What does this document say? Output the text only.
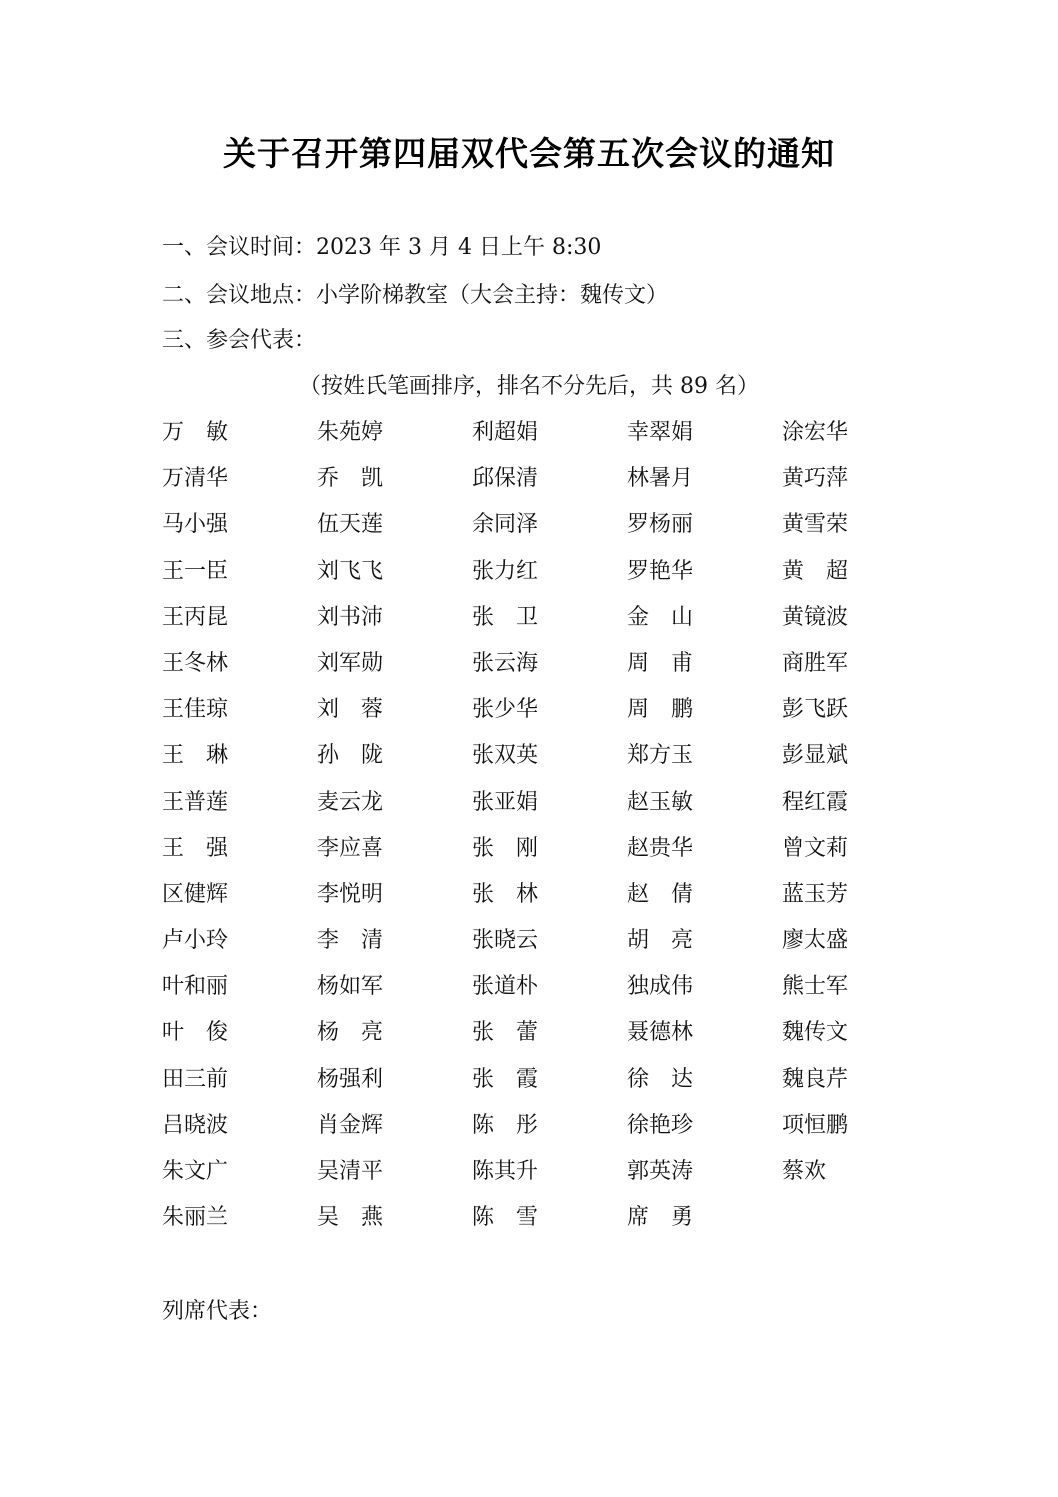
关于召开第四届双代会第五次会议的通知
一、会议时间：2023 年 3 月 4 日上午 8:30
二、会议地点：小学阶梯教室（大会主持：魏传文）
三、参会代表：
（按姓氏笔画排序，排名不分先后，共 89 名）
万　敏	朱苑婷	利超娟	幸翠娟	涂宏华
万清华	乔　凯	邱保清	林暑月	黄巧萍
马小强	伍天莲	余同泽	罗杨丽	黄雪荣
王一臣	刘飞飞	张力红	罗艳华	黄　超
王丙昆	刘书沛	张　卫	金　山	黄镜波
王冬林	刘军勋	张云海	周　甫	商胜军
王佳琼	刘　蓉	张少华	周　鹏	彭飞跃
王　琳	孙　陇	张双英	郑方玉	彭显斌
王普莲	麦云龙	张亚娟	赵玉敏	程红霞
王　强	李应喜	张　刚	赵贵华	曾文莉
区健辉	李悦明	张　林	赵　倩	蓝玉芳
卢小玲	李　清	张晓云	胡　亮	廖太盛
叶和丽	杨如军	张道朴	独成伟	熊士军
叶　俊	杨　亮	张　蕾	聂德林	魏传文
田三前	杨强利	张　霞	徐　达	魏良芹
吕晓波	肖金辉	陈　彤	徐艳珍	项恒鹏
朱文广	吴清平	陈其升	郭英涛	蔡欢
朱丽兰	吴　燕	陈　雪	席　勇
列席代表：
